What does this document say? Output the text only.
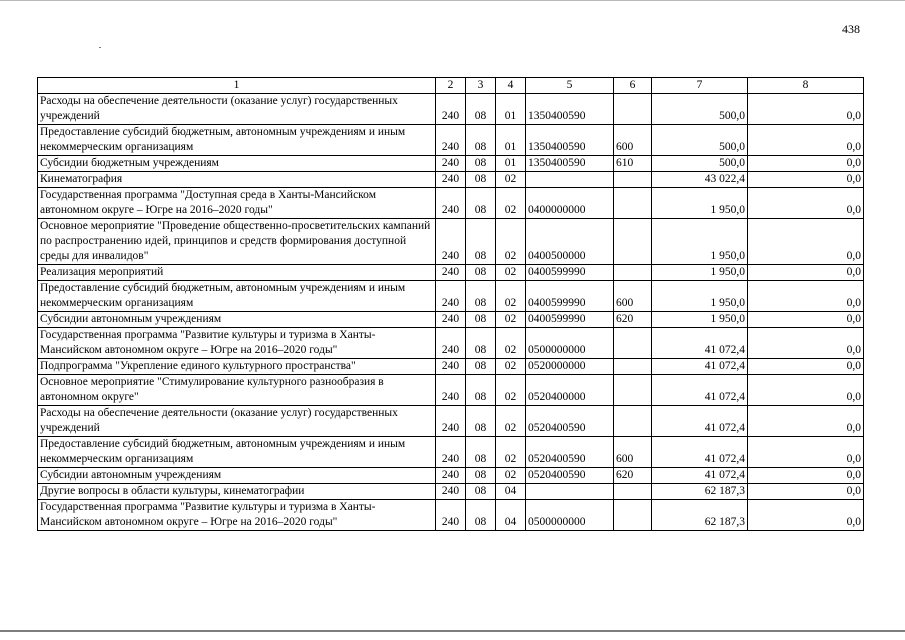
438
1	2	3	4	5	6	7	8
Расходы на обеспечение деятельности (оказание услуг) государственных учреждений	240	08	01	1350400590		500,0	0,0
Предоставление субсидий бюджетным, автономным учреждениям и иным некоммерческим организациям	240	08	01	1350400590	600	500,0	0,0
Субсидии бюджетным учреждениям	240	08	01	1350400590	610	500,0	0,0
Кинематография	240	08	02			43 022,4	0,0
Государственная программа "Доступная среда в Ханты-Мансийском автономном округе – Югре на 2016–2020 годы"	240	08	02	0400000000		1 950,0	0,0
Основное мероприятие "Проведение общественно-просветительских кампаний по распространению идей, принципов и средств формирования доступной среды для инвалидов"	240	08	02	0400500000		1 950,0	0,0
Реализация мероприятий	240	08	02	0400599990		1 950,0	0,0
Предоставление субсидий бюджетным, автономным учреждениям и иным некоммерческим организациям	240	08	02	0400599990	600	1 950,0	0,0
Субсидии автономным учреждениям	240	08	02	0400599990	620	1 950,0	0,0
Государственная программа "Развитие культуры и туризма в Ханты-Мансийском автономном округе – Югре на 2016–2020 годы"	240	08	02	0500000000		41 072,4	0,0
Подпрограмма "Укрепление единого культурного пространства"	240	08	02	0520000000		41 072,4	0,0
Основное мероприятие "Стимулирование культурного разнообразия в автономном округе"	240	08	02	0520400000		41 072,4	0,0
Расходы на обеспечение деятельности (оказание услуг) государственных учреждений	240	08	02	0520400590		41 072,4	0,0
Предоставление субсидий бюджетным, автономным учреждениям и иным некоммерческим организациям	240	08	02	0520400590	600	41 072,4	0,0
Субсидии автономным учреждениям	240	08	02	0520400590	620	41 072,4	0,0
Другие вопросы в области культуры, кинематографии	240	08	04			62 187,3	0,0
Государственная программа "Развитие культуры и туризма в Ханты-Мансийском автономном округе – Югре на 2016–2020 годы"	240	08	04	0500000000		62 187,3	0,0
